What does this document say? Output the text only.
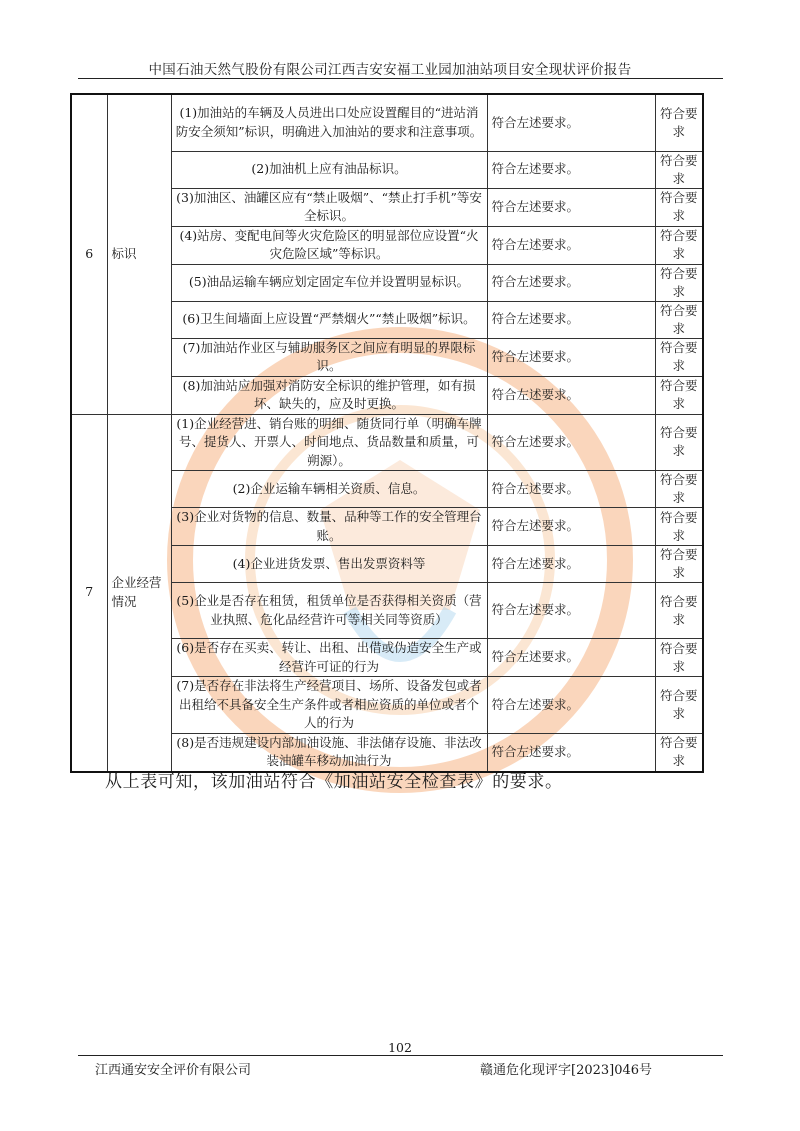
中国石油天然气股份有限公司江西吉安安福工业园加油站项目安全现状评价报告
6	标识	(1)加油站的车辆及人员进出口处应设置醒目的“进站消防安全须知”标识，明确进入加油站的要求和注意事项。	符合左述要求。	符合要求
		(2)加油机上应有油品标识。	符合左述要求。	符合要求
		(3)加油区、油罐区应有“禁止吸烟”、“禁止打手机”等安全标识。	符合左述要求。	符合要求
		(4)站房、变配电间等火灾危险区的明显部位应设置“火灾危险区域”等标识。	符合左述要求。	符合要求
		(5)油品运输车辆应划定固定车位并设置明显标识。	符合左述要求。	符合要求
		(6)卫生间墙面上应设置“严禁烟火”“禁止吸烟”标识。	符合左述要求。	符合要求
		(7)加油站作业区与辅助服务区之间应有明显的界限标识。	符合左述要求。	符合要求
		(8)加油站应加强对消防安全标识的维护管理，如有损坏、缺失的，应及时更换。	符合左述要求。	符合要求
7	企业经营情况	(1)企业经营进、销台账的明细、随货同行单（明确车牌号、提货人、开票人、时间地点、货品数量和质量，可朔源）。	符合左述要求。	符合要求
		(2)企业运输车辆相关资质、信息。	符合左述要求。	符合要求
		(3)企业对货物的信息、数量、品种等工作的安全管理台账。	符合左述要求。	符合要求
		(4)企业进货发票、售出发票资料等	符合左述要求。	符合要求
		(5)企业是否存在租赁，租赁单位是否获得相关资质（营业执照、危化品经营许可等相关同等资质）	符合左述要求。	符合要求
		(6)是否存在买卖、转让、出租、出借或伪造安全生产或经营许可证的行为	符合左述要求。	符合要求
		(7)是否存在非法将生产经营项目、场所、设备发包或者出租给不具备安全生产条件或者相应资质的单位或者个人的行为	符合左述要求。	符合要求
		(8)是否违规建设内部加油设施、非法储存设施、非法改装油罐车移动加油行为	符合左述要求。	符合要求
从上表可知，该加油站符合《加油站安全检查表》的要求。
102
江西通安安全评价有限公司	赣通危化现评字[2023]046号
